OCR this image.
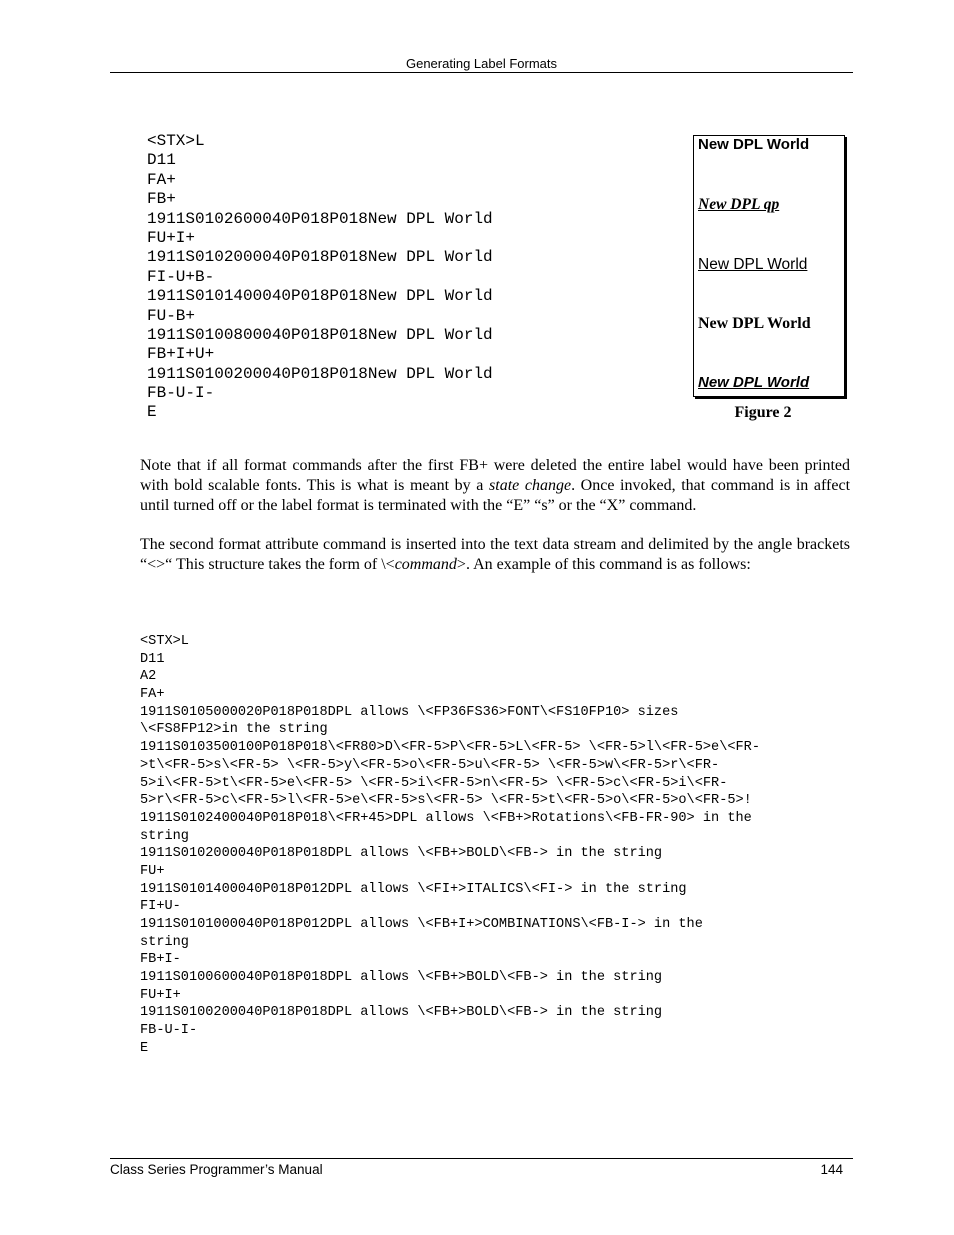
Generating Label Formats
<STX>L
D11
FA+
FB+
1911S0102600040P018P018New DPL World
FU+I+
1911S0102000040P018P018New DPL World
FI-U+B-
1911S0101400040P018P018New DPL World
FU-B+
1911S0100800040P018P018New DPL World
FB+I+U+
1911S0100200040P018P018New DPL World
FB-U-I-
E
New DPL World
New DPL qp
New DPL World
New DPL World
New DPL World
Figure 2
Note that if all format commands after the first FB+ were deleted the entire label would have been printed with bold scalable fonts. This is what is meant by a state change. Once invoked, that command is in affect until turned off or the label format is terminated with the “E” “s” or the “X” command.
The second format attribute command is inserted into the text data stream and delimited by the angle brackets “<>“ This structure takes the form of \<command>. An example of this command is as follows:
<STX>L
D11
A2
FA+
1911S0105000020P018P018DPL allows \<FP36FS36>FONT\<FS10FP10> sizes
\<FS8FP12>in the string
1911S0103500100P018P018\<FR80>D\<FR-5>P\<FR-5>L\<FR-5> \<FR-5>l\<FR-5>e\<FR-
>t\<FR-5>s\<FR-5> \<FR-5>y\<FR-5>o\<FR-5>u\<FR-5> \<FR-5>w\<FR-5>r\<FR-
5>i\<FR-5>t\<FR-5>e\<FR-5> \<FR-5>i\<FR-5>n\<FR-5> \<FR-5>c\<FR-5>i\<FR-
5>r\<FR-5>c\<FR-5>l\<FR-5>e\<FR-5>s\<FR-5> \<FR-5>t\<FR-5>o\<FR-5>o\<FR-5>!
1911S0102400040P018P018\<FR+45>DPL allows \<FB+>Rotations\<FB-FR-90> in the
string
1911S0102000040P018P018DPL allows \<FB+>BOLD\<FB-> in the string
FU+
1911S0101400040P018P012DPL allows \<FI+>ITALICS\<FI-> in the string
FI+U-
1911S0101000040P018P012DPL allows \<FB+I+>COMBINATIONS\<FB-I-> in the
string
FB+I-
1911S0100600040P018P018DPL allows \<FB+>BOLD\<FB-> in the string
FU+I+
1911S0100200040P018P018DPL allows \<FB+>BOLD\<FB-> in the string
FB-U-I-
E
Class Series Programmer’s Manual	144
